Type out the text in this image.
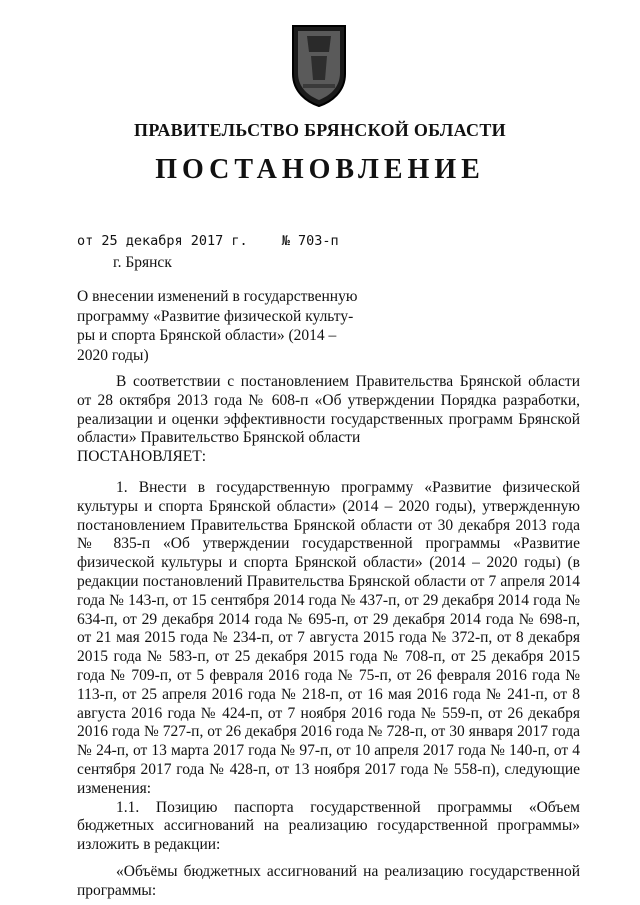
ПРАВИТЕЛЬСТВО БРЯНСКОЙ ОБЛАСТИ
ПОСТАНОВЛЕНИЕ
от 25 декабря 2017 г.	№ 703-п
г. Брянск
О внесении изменений в государственную
программу «Развитие физической культу-
ры и спорта Брянской области» (2014 –
2020 годы)

В соответствии с постановлением Правительства Брянской области от 28 октября 2013 года № 608-п «Об утверждении Порядка разработки, реализации и оценки эффективности государственных программ Брянской области» Правительство Брянской области

ПОСТАНОВЛЯЕТ:

1. Внести в государственную программу «Развитие физической культуры и спорта Брянской области» (2014 – 2020 годы), утвержденную постановлением Правительства Брянской области от 30 декабря 2013 года № 835-п «Об утверждении государственной программы «Развитие физической культуры и спорта Брянской области» (2014 – 2020 годы) (в редакции постановлений Правительства Брянской области от 7 апреля 2014 года № 143-п, от 15 сентября 2014 года № 437-п, от 29 декабря 2014 года № 634-п, от 29 декабря 2014 года № 695-п, от 29 декабря 2014 года № 698-п, от 21 мая 2015 года № 234-п, от 7 августа 2015 года № 372-п, от 8 декабря 2015 года № 583-п, от 25 декабря 2015 года № 708-п, от 25 декабря 2015 года № 709-п, от 5 февраля 2016 года № 75-п, от 26 февраля 2016 года № 113-п, от 25 апреля 2016 года № 218-п, от 16 мая 2016 года № 241-п, от 8 августа 2016 года № 424-п, от 7 ноября 2016 года № 559-п, от 26 декабря 2016 года № 727-п, от 26 декабря 2016 года № 728-п, от 30 января 2017 года № 24-п, от 13 марта 2017 года № 97-п, от 10 апреля 2017 года № 140-п, от 4 сентября 2017 года № 428-п, от 13 ноября 2017 года № 558-п), следующие изменения:

1.1. Позицию паспорта государственной программы «Объем бюджетных ассигнований на реализацию государственной программы» изложить в редакции:

«Объёмы бюджетных ассигнований на реализацию государственной программы:
